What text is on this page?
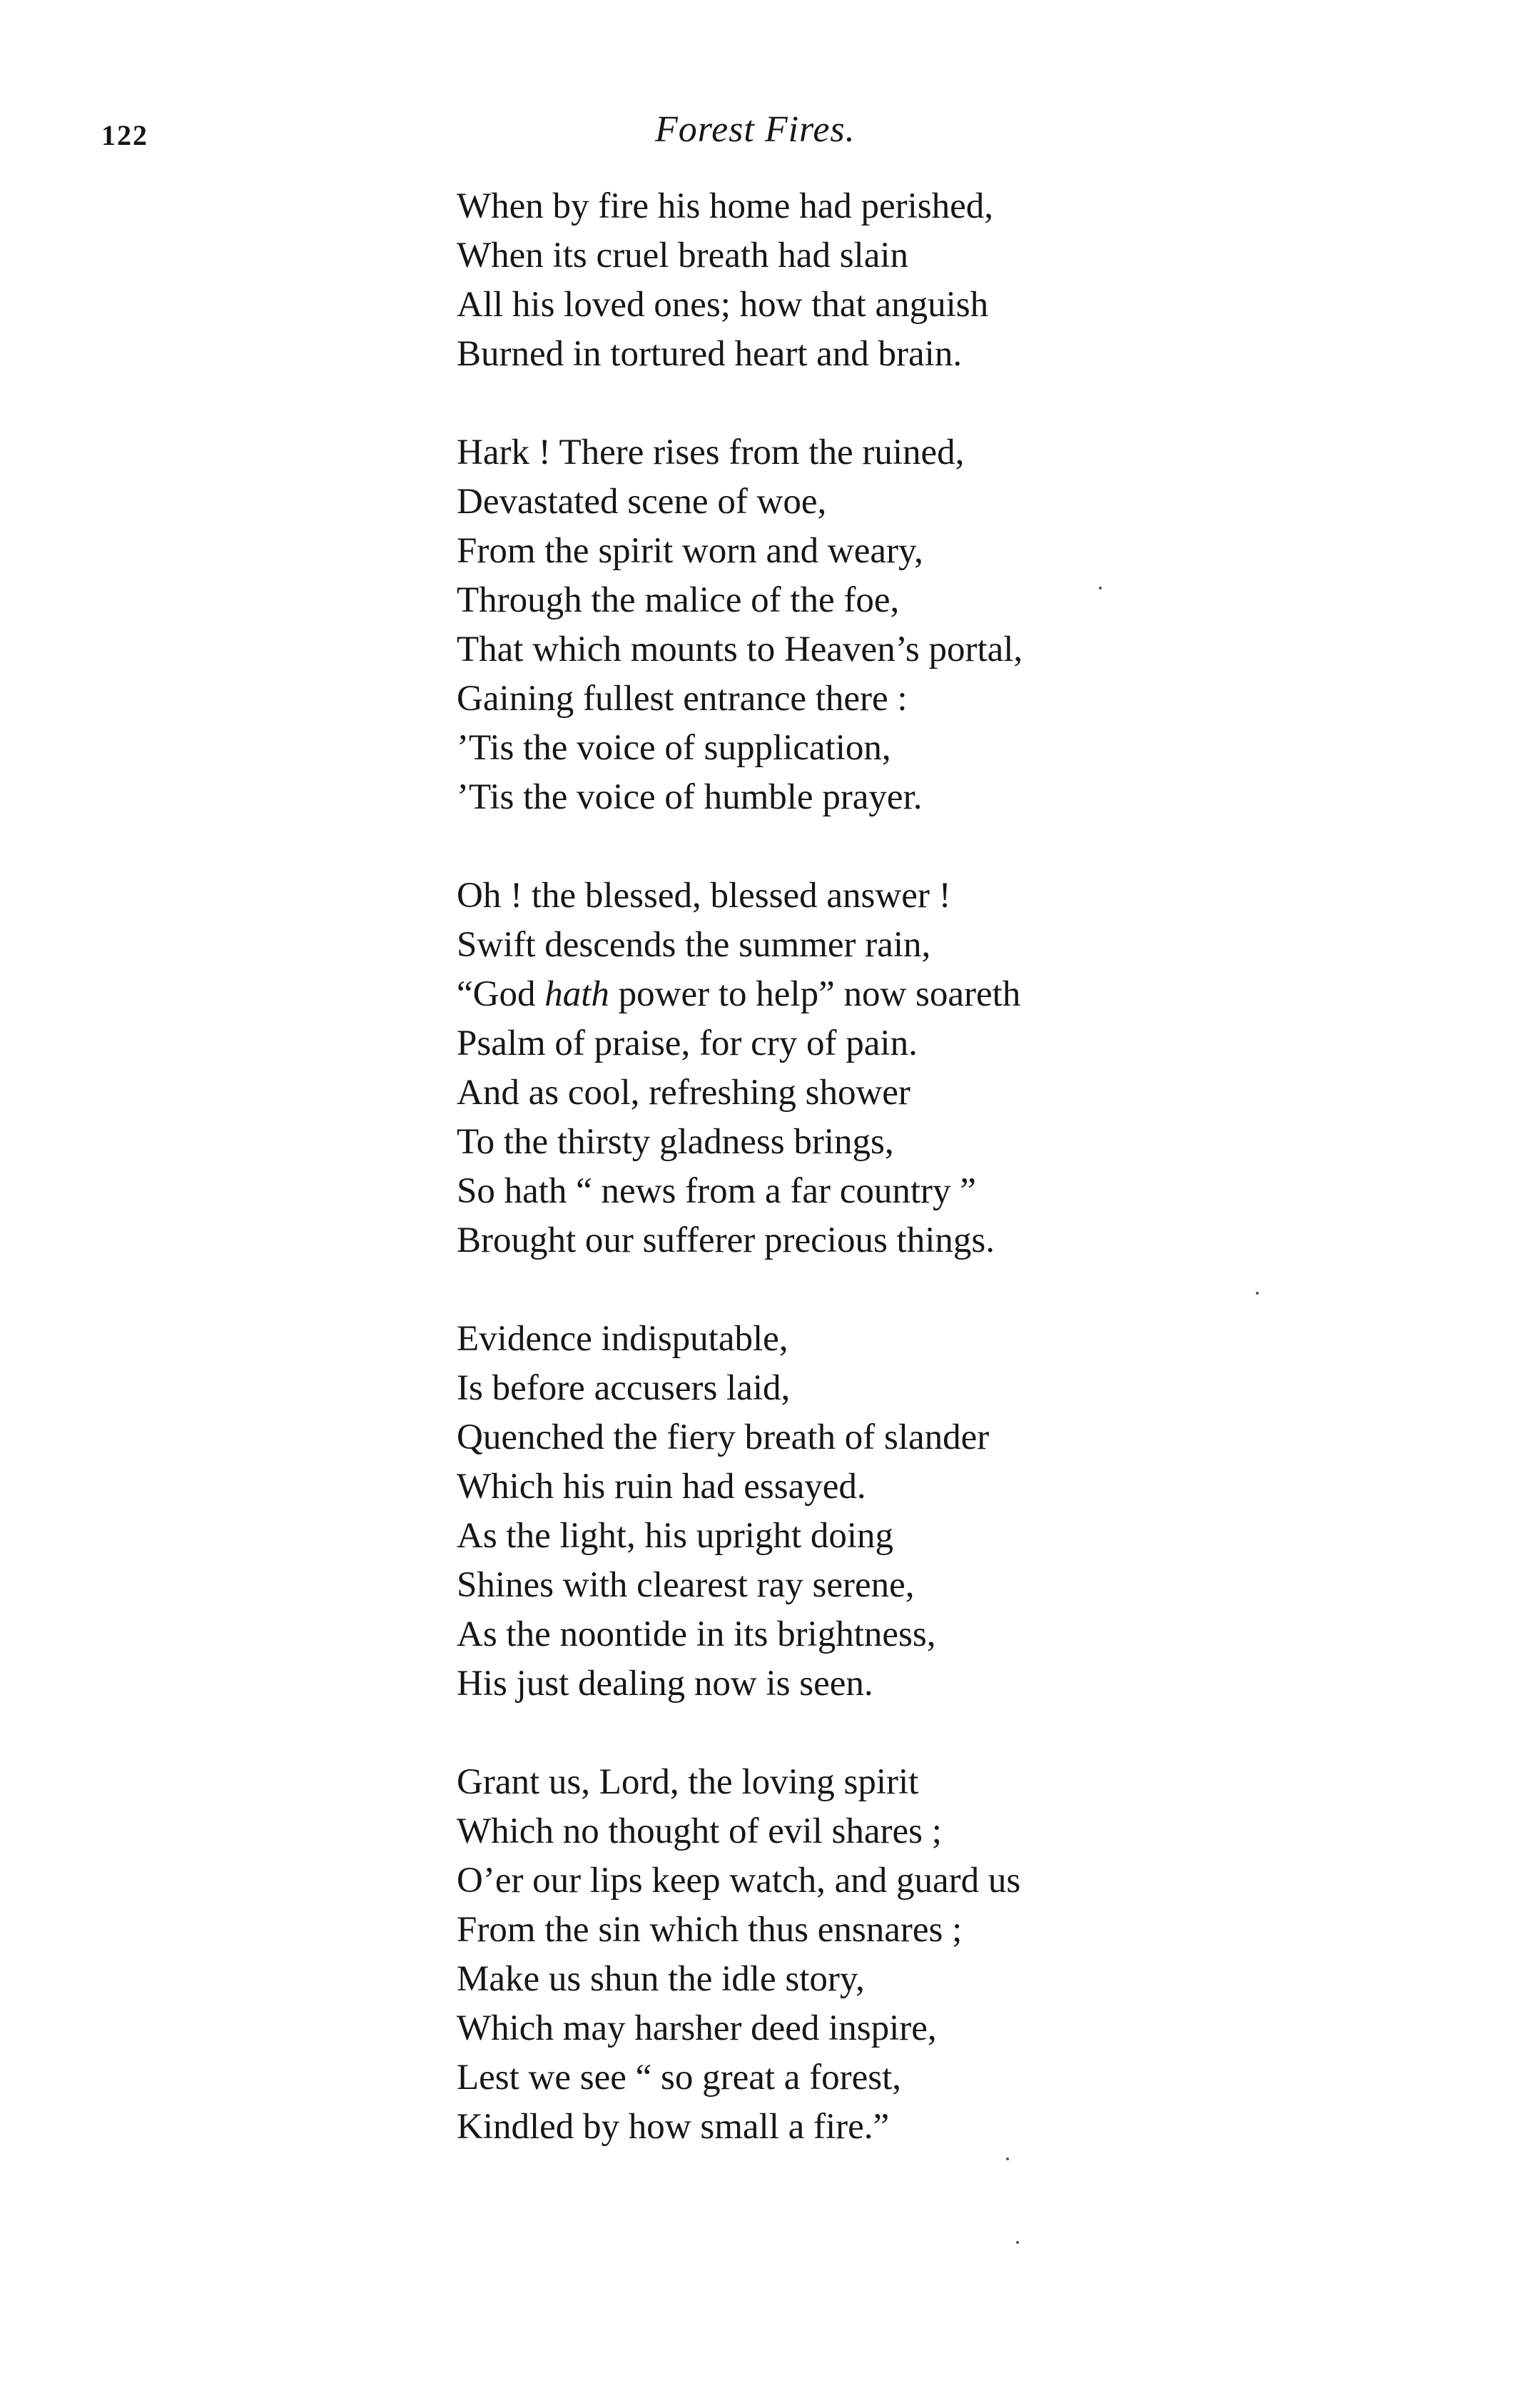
122	Forest Fires.
When by fire his home had perished,
When its cruel breath had slain
All his loved ones; how that anguish
Burned in tortured heart and brain.
Hark ! There rises from the ruined,
Devastated scene of woe,
From the spirit worn and weary,
Through the malice of the foe,
That which mounts to Heaven’s portal,
Gaining fullest entrance there :
’Tis the voice of supplication,
’Tis the voice of humble prayer.
Oh ! the blessed, blessed answer !
Swift descends the summer rain,
“God hath power to help” now soareth
Psalm of praise, for cry of pain.
And as cool, refreshing shower
To the thirsty gladness brings,
So hath “ news from a far country ”
Brought our sufferer precious things.
Evidence indisputable,
Is before accusers laid,
Quenched the fiery breath of slander
Which his ruin had essayed.
As the light, his upright doing
Shines with clearest ray serene,
As the noontide in its brightness,
His just dealing now is seen.
Grant us, Lord, the loving spirit
Which no thought of evil shares ;
O’er our lips keep watch, and guard us
From the sin which thus ensnares ;
Make us shun the idle story,
Which may harsher deed inspire,
Lest we see “ so great a forest,
Kindled by how small a fire.”
